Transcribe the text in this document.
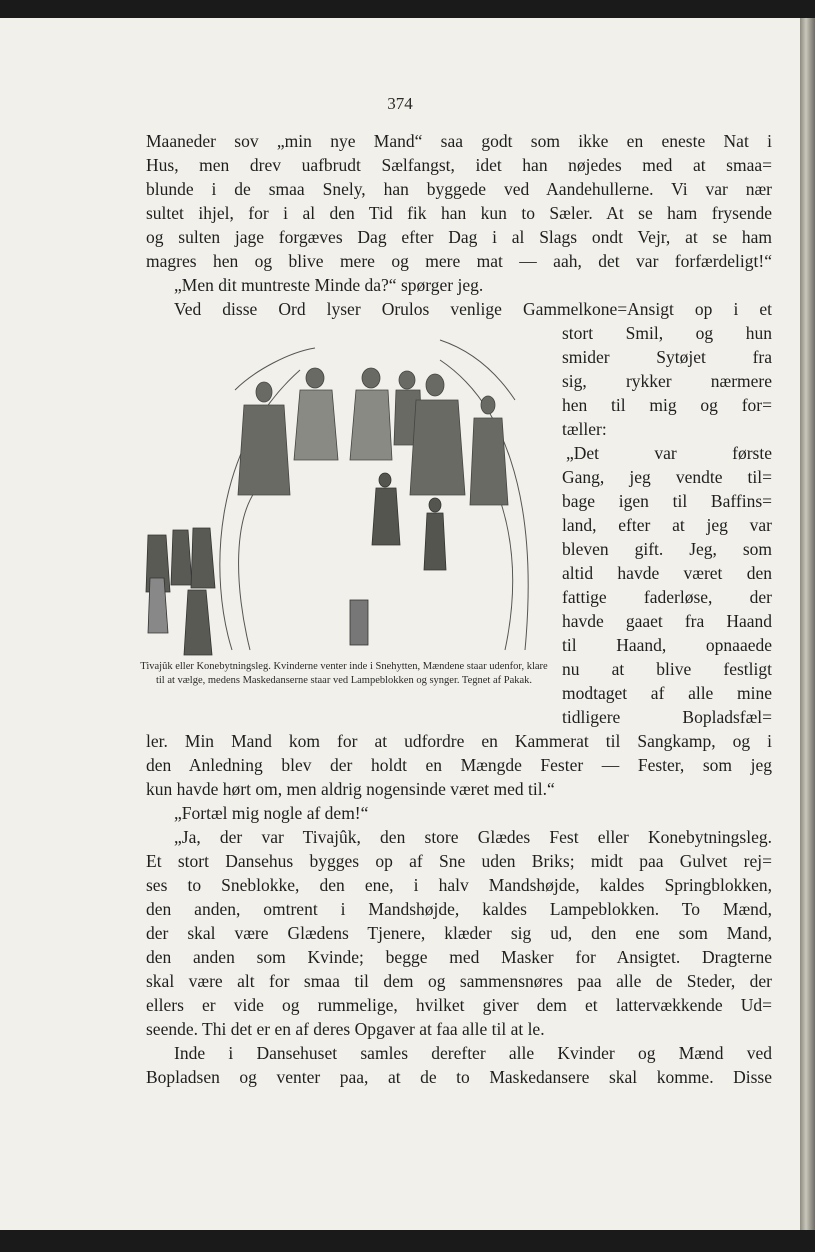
374
Maaneder sov „min nye Mand“ saa godt som ikke en eneste Nat i
Hus, men drev uafbrudt Sælfangst, idet han nøjedes med at smaa=
blunde i de smaa Snely, han byggede ved Aandehullerne. Vi var nær
sultet ihjel, for i al den Tid fik han kun to Sæler. At se ham frysende
og sulten jage forgæves Dag efter Dag i al Slags ondt Vejr, at se ham
magres hen og blive mere og mere mat — aah, det var forfærdeligt!“
„Men dit muntreste Minde da?“ spørger jeg.
Ved disse Ord lyser Orulos venlige Gammelkone=Ansigt op i et
stort Smil, og hun
smider Sytøjet fra
sig, rykker nærmere
hen til mig og for=
tæller:
„Det var første
Gang, jeg vendte til=
bage igen til Baffins=
land, efter at jeg var
bleven gift. Jeg, som
altid havde været den
fattige faderløse, der
havde gaaet fra Haand
til Haand, opnaaede
nu at blive festligt
modtaget af alle mine
tidligere Bopladsfæl=
Tivajûk eller Konebytningsleg. Kvinderne venter inde i Snehytten, Mændene staar udenfor, klare til at vælge, medens Maskedanserne staar ved Lampeblokken og synger. Tegnet af Pakak.
ler. Min Mand kom for at udfordre en Kammerat til Sangkamp, og i
den Anledning blev der holdt en Mængde Fester — Fester, som jeg
kun havde hørt om, men aldrig nogensinde været med til.“
„Fortæl mig nogle af dem!“
„Ja, der var Tivajûk, den store Glædes Fest eller Konebytningsleg.
Et stort Dansehus bygges op af Sne uden Briks; midt paa Gulvet rej=
ses to Sneblokke, den ene, i halv Mandshøjde, kaldes Springblokken,
den anden, omtrent i Mandshøjde, kaldes Lampeblokken. To Mænd,
der skal være Glædens Tjenere, klæder sig ud, den ene som Mand,
den anden som Kvinde; begge med Masker for Ansigtet. Dragterne
skal være alt for smaa til dem og sammensnøres paa alle de Steder, der
ellers er vide og rummelige, hvilket giver dem et lattervækkende Ud=
seende. Thi det er en af deres Opgaver at faa alle til at le.
Inde i Dansehuset samles derefter alle Kvinder og Mænd ved
Bopladsen og venter paa, at de to Maskedansere skal komme. Disse
